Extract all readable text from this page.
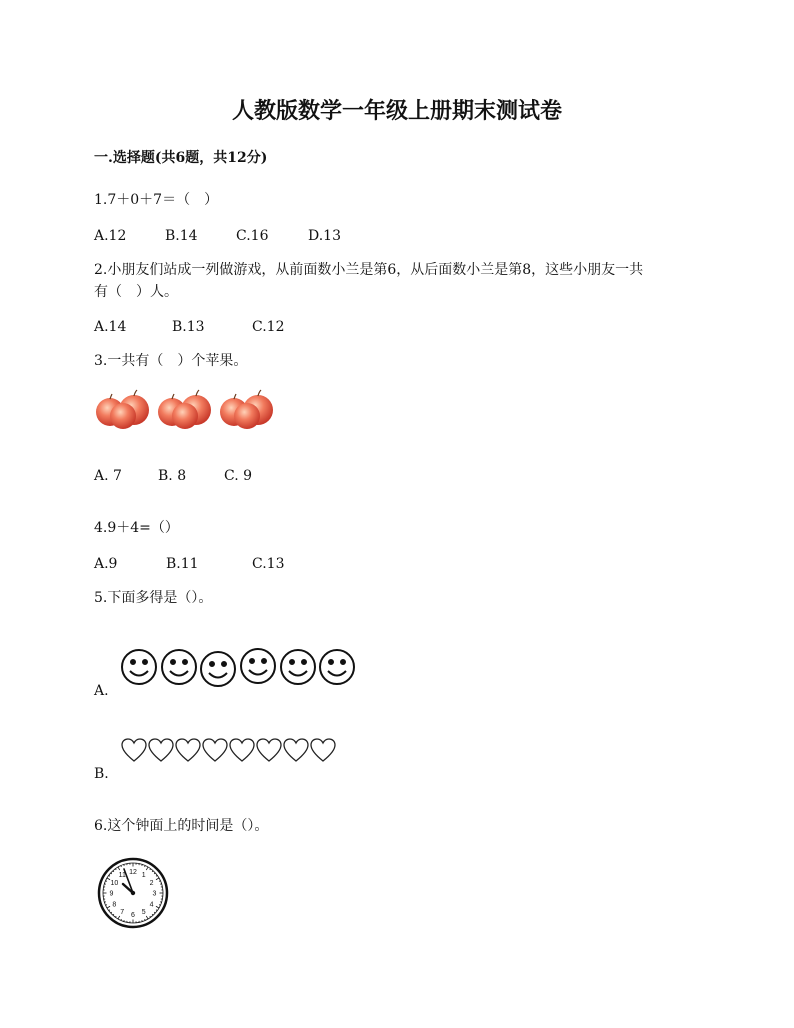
人教版数学一年级上册期末测试卷
一.选择题(共6题，共12分)
1.7＋0＋7＝（　）
A.12	B.14	C.16	D.13
2.小朋友们站成一列做游戏，从前面数小兰是第6，从后面数小兰是第8，这些小朋友一共
有（　）人。
A.14	B.13	C.12
3.一共有（　）个苹果。
A. 7	B. 8	C. 9
4.9＋4=（）
A.9	B.11	C.13
5.下面多得是（）。
A.
B.
6.这个钟面上的时间是（）。
12 1
2
3
4
5
6
7
8
9
10
11
